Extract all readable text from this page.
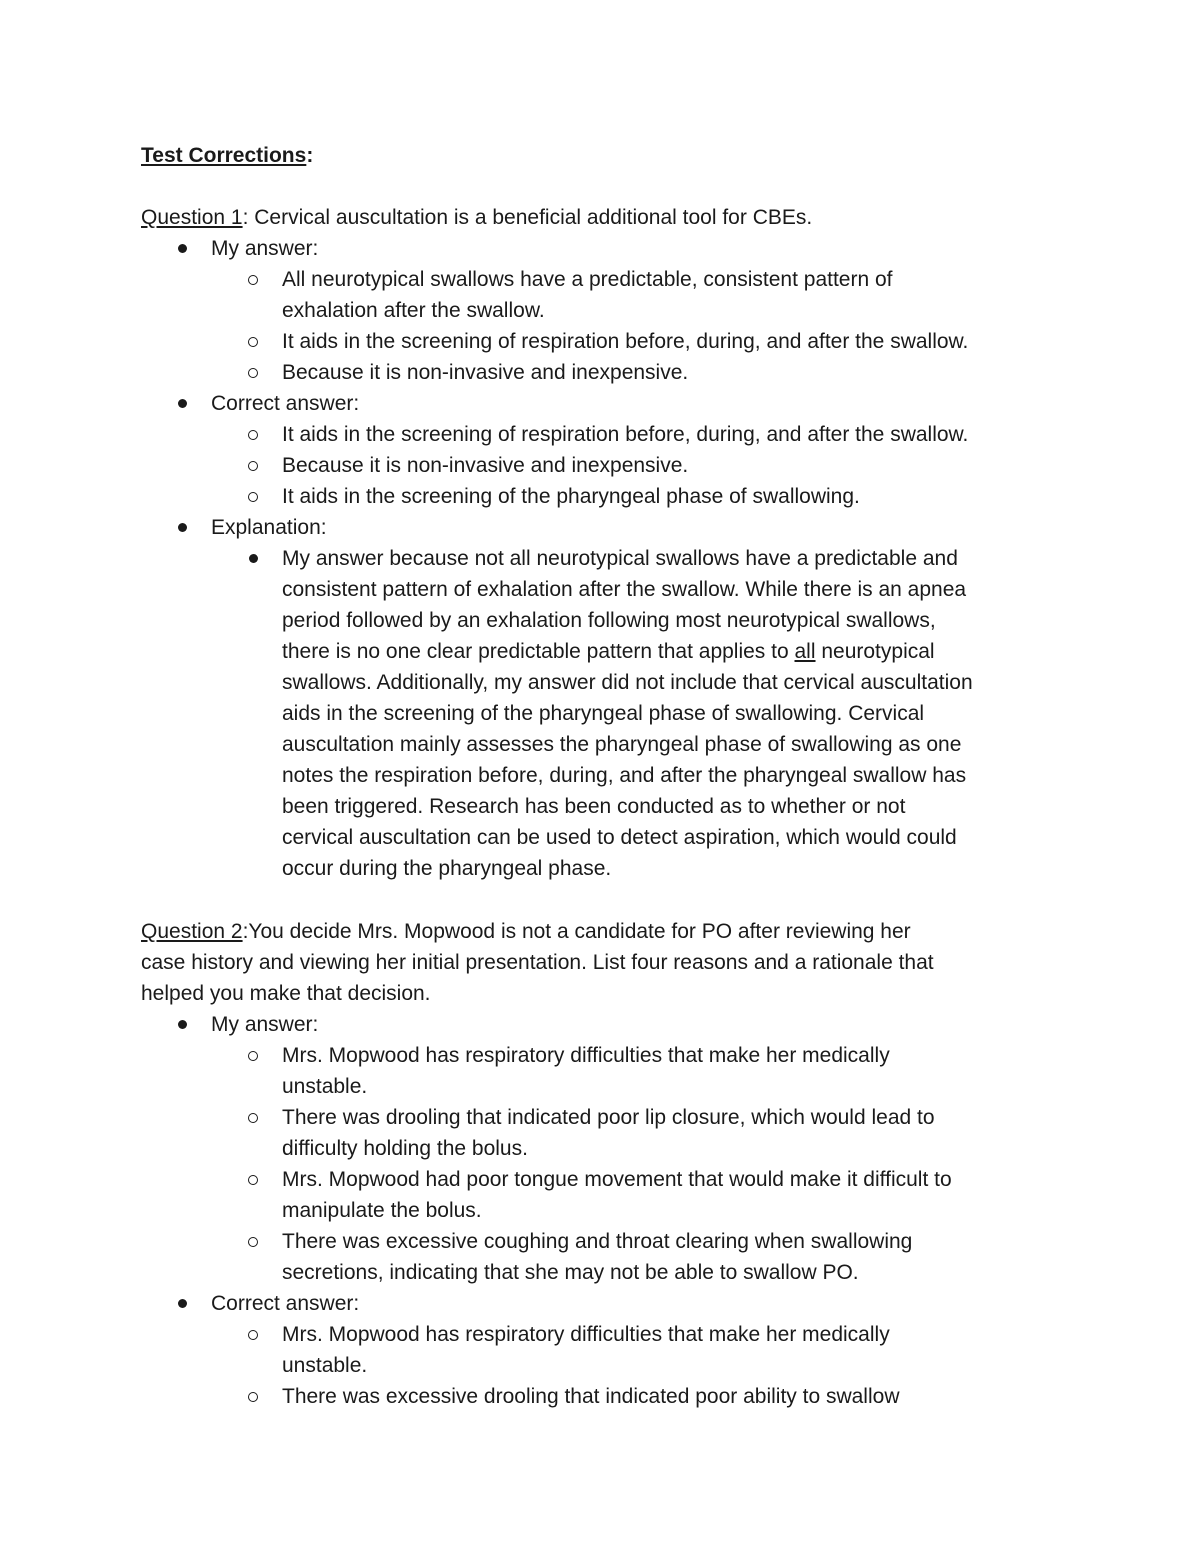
Test Corrections:
Question 1: Cervical auscultation is a beneficial additional tool for CBEs.
My answer:
All neurotypical swallows have a predictable, consistent pattern of
exhalation after the swallow.
It aids in the screening of respiration before, during, and after the swallow.
Because it is non-invasive and inexpensive.
Correct answer:
It aids in the screening of respiration before, during, and after the swallow.
Because it is non-invasive and inexpensive.
It aids in the screening of the pharyngeal phase of swallowing.
Explanation:
My answer because not all neurotypical swallows have a predictable and
consistent pattern of exhalation after the swallow. While there is an apnea
period followed by an exhalation following most neurotypical swallows,
there is no one clear predictable pattern that applies to all neurotypical
swallows. Additionally, my answer did not include that cervical auscultation
aids in the screening of the pharyngeal phase of swallowing. Cervical
auscultation mainly assesses the pharyngeal phase of swallowing as one
notes the respiration before, during, and after the pharyngeal swallow has
been triggered. Research has been conducted as to whether or not
cervical auscultation can be used to detect aspiration, which would could
occur during the pharyngeal phase.
Question 2:You decide Mrs. Mopwood is not a candidate for PO after reviewing her
case history and viewing her initial presentation. List four reasons and a rationale that
helped you make that decision.
My answer:
Mrs. Mopwood has respiratory difficulties that make her medically
unstable.
There was drooling that indicated poor lip closure, which would lead to
difficulty holding the bolus.
Mrs. Mopwood had poor tongue movement that would make it difficult to
manipulate the bolus.
There was excessive coughing and throat clearing when swallowing
secretions, indicating that she may not be able to swallow PO.
Correct answer:
Mrs. Mopwood has respiratory difficulties that make her medically
unstable.
There was excessive drooling that indicated poor ability to swallow
